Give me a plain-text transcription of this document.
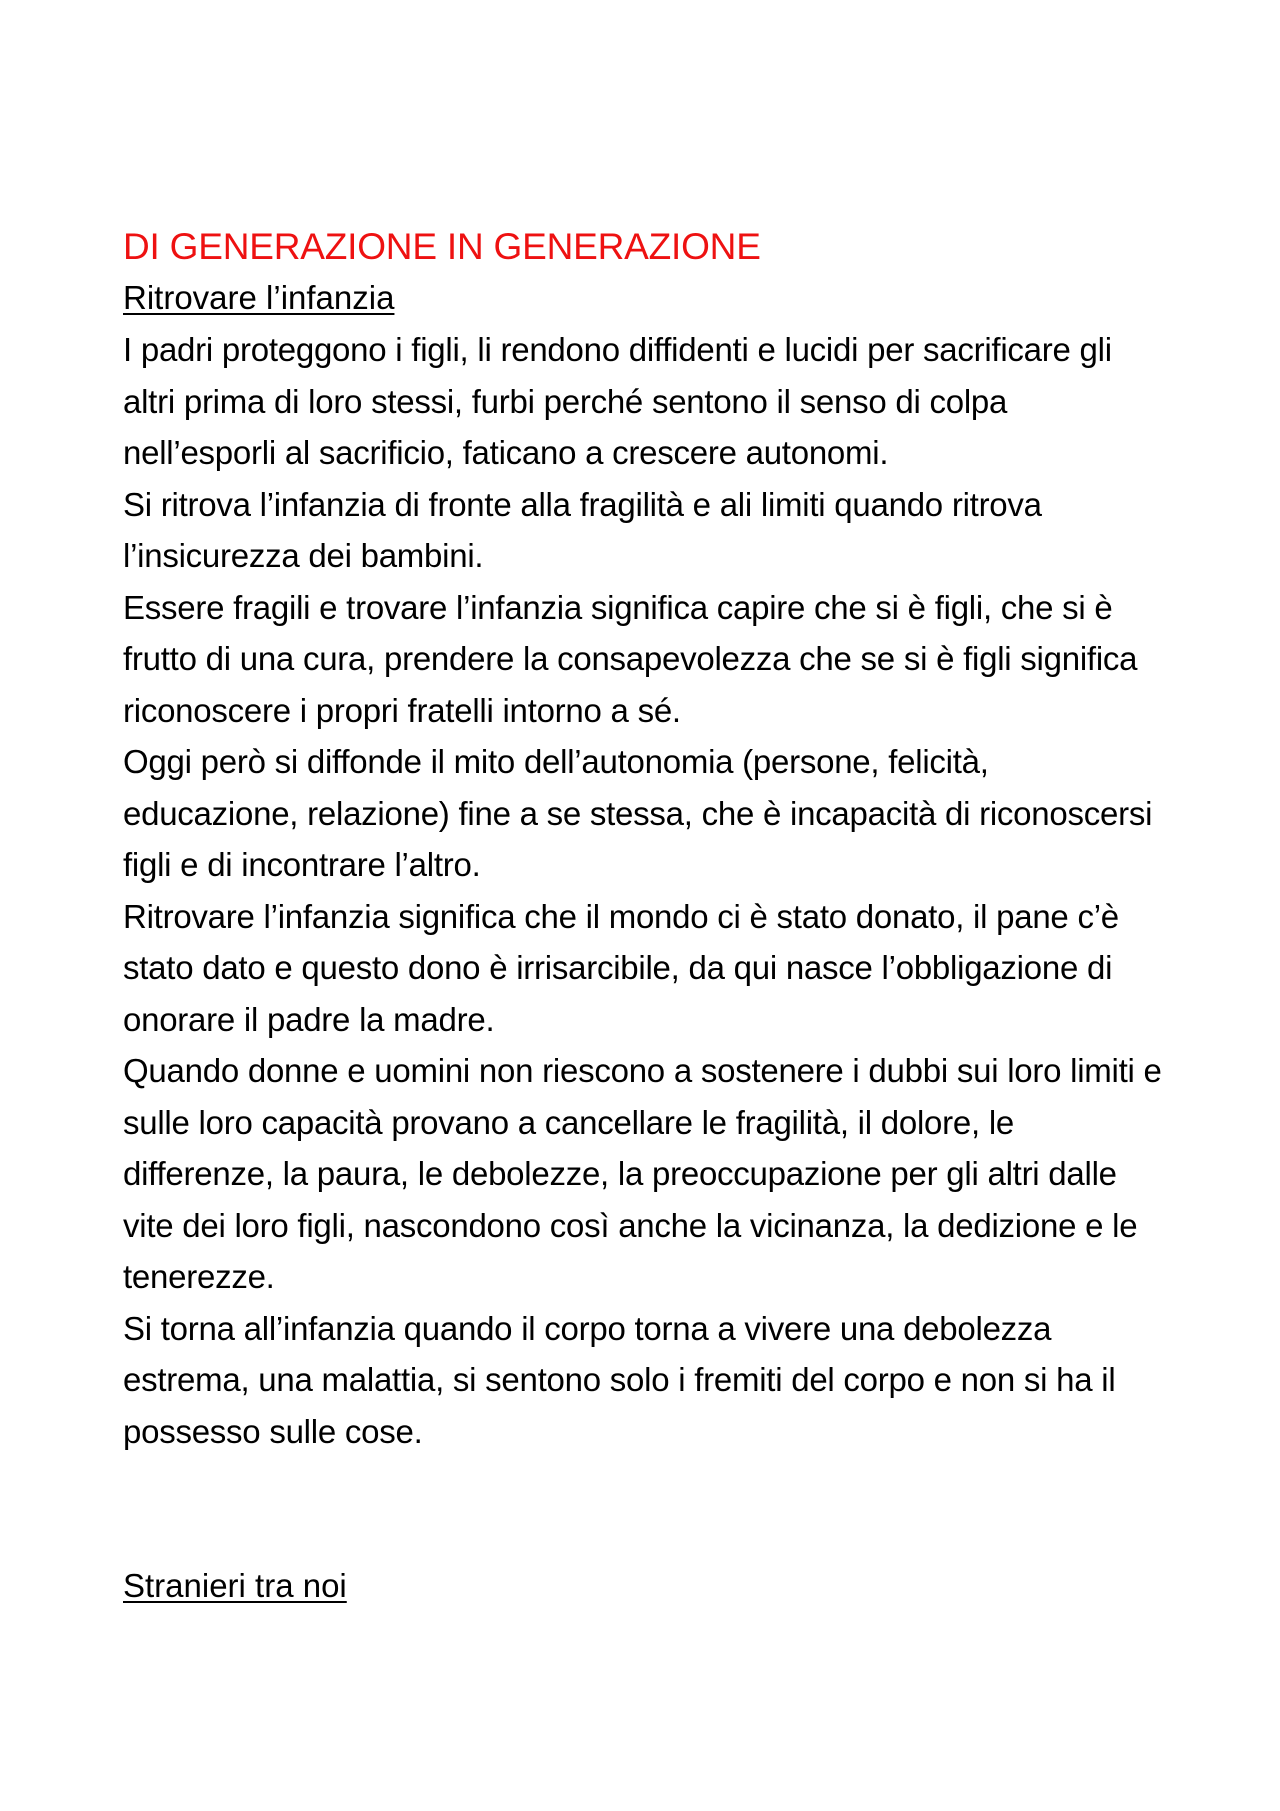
DI GENERAZIONE IN GENERAZIONE
Ritrovare l’infanzia

I padri proteggono i figli, li rendono diffidenti e lucidi per sacrificare gli altri prima di loro stessi, furbi perché sentono il senso di colpa nell’esporli al sacrificio, faticano a crescere autonomi.

Si ritrova l’infanzia di fronte alla fragilità e ali limiti quando ritrova l’insicurezza dei bambini.

Essere fragili e trovare l’infanzia significa capire che si è figli, che si è frutto di una cura, prendere la consapevolezza che se si è figli significa riconoscere i propri fratelli intorno a sé.

Oggi però si diffonde il mito dell’autonomia (persone, felicità, educazione, relazione) fine a se stessa, che è incapacità di riconoscersi figli e di incontrare l’altro.

Ritrovare l’infanzia significa che il mondo ci è stato donato, il pane c’è stato dato e questo dono è irrisarcibile, da qui nasce l’obbligazione di onorare il padre la madre.

Quando donne e uomini non riescono a sostenere i dubbi sui loro limiti e sulle loro capacità provano a cancellare le fragilità, il dolore, le differenze, la paura, le debolezze, la preoccupazione per gli altri dalle vite dei loro figli, nascondono così anche la vicinanza, la dedizione e le tenerezze.

Si torna all’infanzia quando il corpo torna a vivere una debolezza estrema, una malattia, si sentono solo i fremiti del corpo e non si ha il possesso sulle cose.

Stranieri tra noi
